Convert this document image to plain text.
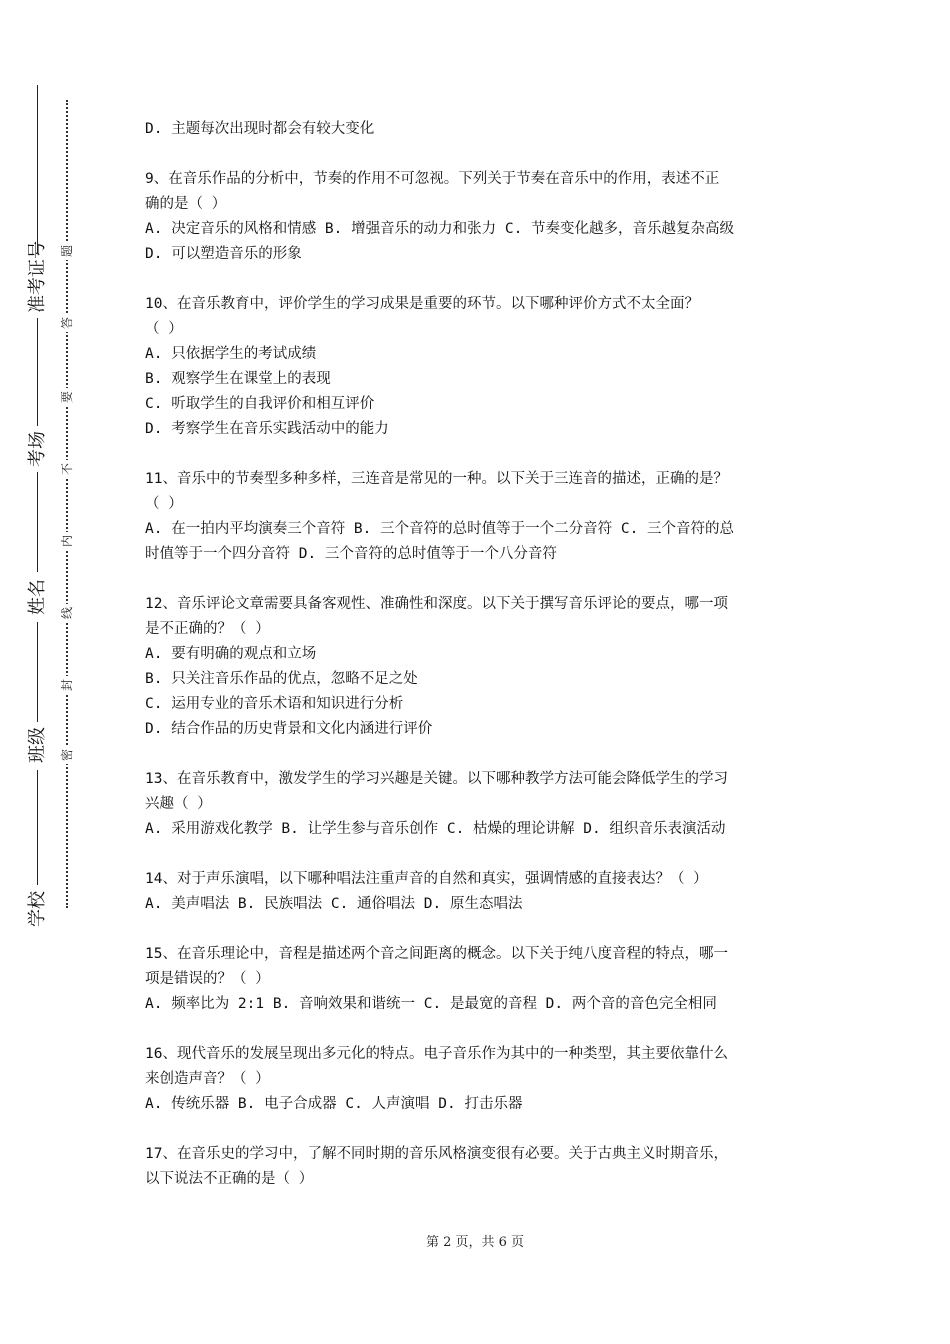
准考证号
考场
姓名
班级
学校
题
答
要
不
内
线
封
密

D. 主题每次出现时都会有较大变化

9、在音乐作品的分析中，节奏的作用不可忽视。下列关于节奏在音乐中的作用，表述不正

确的是（ ）

A. 决定音乐的风格和情感 B. 增强音乐的动力和张力 C. 节奏变化越多，音乐越复杂高级

D. 可以塑造音乐的形象

10、在音乐教育中，评价学生的学习成果是重要的环节。以下哪种评价方式不太全面？

（ ）

A. 只依据学生的考试成绩

B. 观察学生在课堂上的表现

C. 听取学生的自我评价和相互评价

D. 考察学生在音乐实践活动中的能力

11、音乐中的节奏型多种多样，三连音是常见的一种。以下关于三连音的描述，正确的是？

（ ）

A. 在一拍内平均演奏三个音符 B. 三个音符的总时值等于一个二分音符 C. 三个音符的总

时值等于一个四分音符 D. 三个音符的总时值等于一个八分音符

12、音乐评论文章需要具备客观性、准确性和深度。以下关于撰写音乐评论的要点，哪一项

是不正确的？（ ）

A. 要有明确的观点和立场

B. 只关注音乐作品的优点，忽略不足之处

C. 运用专业的音乐术语和知识进行分析

D. 结合作品的历史背景和文化内涵进行评价

13、在音乐教育中，激发学生的学习兴趣是关键。以下哪种教学方法可能会降低学生的学习

兴趣（ ）

A. 采用游戏化教学 B. 让学生参与音乐创作 C. 枯燥的理论讲解 D. 组织音乐表演活动

14、对于声乐演唱，以下哪种唱法注重声音的自然和真实，强调情感的直接表达？（ ）

A. 美声唱法 B. 民族唱法 C. 通俗唱法 D. 原生态唱法

15、在音乐理论中，音程是描述两个音之间距离的概念。以下关于纯八度音程的特点，哪一

项是错误的？（ ）

A. 频率比为 2:1 B. 音响效果和谐统一 C. 是最宽的音程 D. 两个音的音色完全相同

16、现代音乐的发展呈现出多元化的特点。电子音乐作为其中的一种类型，其主要依靠什么

来创造声音？（ ）

A. 传统乐器 B. 电子合成器 C. 人声演唱 D. 打击乐器

17、在音乐史的学习中，了解不同时期的音乐风格演变很有必要。关于古典主义时期音乐，

以下说法不正确的是（ ）

第 2 页，共 6 页
